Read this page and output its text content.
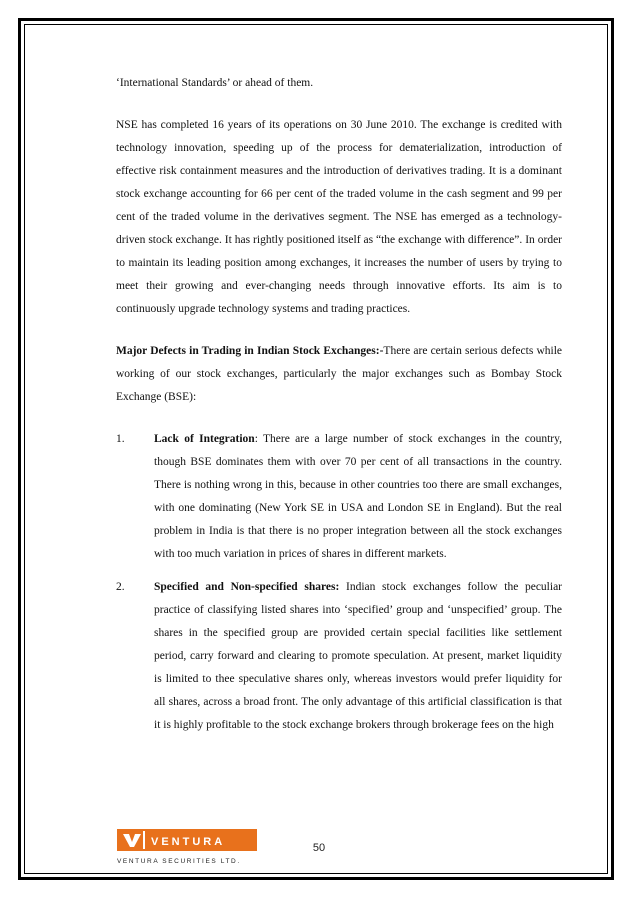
‘International Standards’ or ahead of them.

NSE has completed 16 years of its operations on 30 June 2010. The exchange is credited with technology innovation, speeding up of the process for dematerialization, introduction of effective risk containment measures and the introduction of derivatives trading. It is a dominant stock exchange accounting for 66 per cent of the traded volume in the cash segment and 99 per cent of the traded volume in the derivatives segment. The NSE has emerged as a technology-driven stock exchange. It has rightly positioned itself as “the exchange with difference”. In order to maintain its leading position among exchanges, it increases the number of users by trying to meet their growing and ever-changing needs through innovative efforts. Its aim is to continuously upgrade technology systems and trading practices.

Major Defects in Trading in Indian Stock Exchanges:-There are certain serious defects while working of our stock exchanges, particularly the major exchanges such as Bombay Stock Exchange (BSE):

1.	Lack of Integration: There are a large number of stock exchanges in the country, though BSE dominates them with over 70 per cent of all transactions in the country. There is nothing wrong in this, because in other countries too there are small exchanges, with one dominating (New York SE in USA and London SE in England). But the real problem in India is that there is no proper integration between all the stock exchanges with too much variation in prices of shares in different markets.
2.	Specified and Non-specified shares: Indian stock exchanges follow the peculiar practice of classifying listed shares into ‘specified’ group and ‘unspecified’ group. The shares in the specified group are provided certain special facilities like settlement period, carry forward and clearing to promote speculation. At present, market liquidity is limited to thee speculative shares only, whereas investors would prefer liquidity for all shares, across a broad front. The only advantage of this artificial classification is that it is highly profitable to the stock exchange brokers through brokerage fees on the high
50
VENTURA
VENTURA SECURITIES LTD.
